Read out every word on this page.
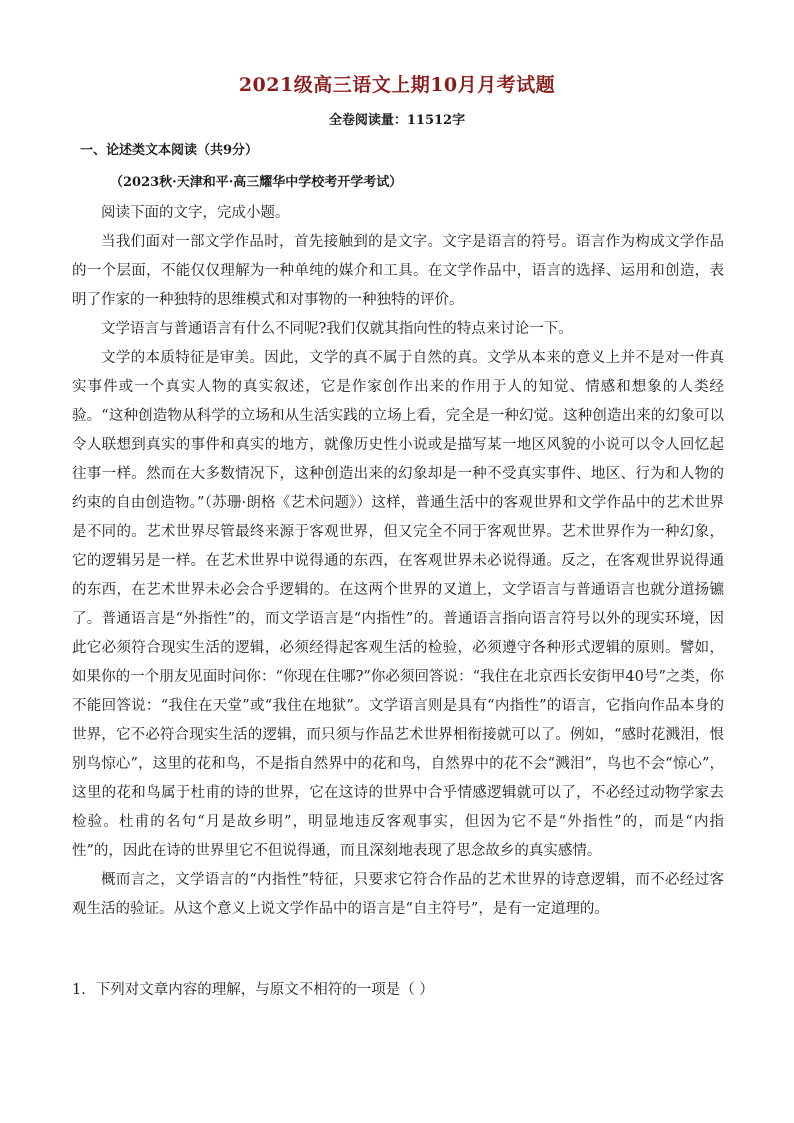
2021级高三语文上期10月月考试题
全卷阅读量：11512字
一、论述类文本阅读（共9分）
（2023秋·天津和平·高三耀华中学校考开学考试）

阅读下面的文字，完成小题。

当我们面对一部文学作品时，首先接触到的是文字。文字是语言的符号。语言作为构成文学作品的一个层面，不能仅仅理解为一种单纯的媒介和工具。在文学作品中，语言的选择、运用和创造，表明了作家的一种独特的思维模式和对事物的一种独特的评价。

文学语言与普通语言有什么不同呢?我们仅就其指向性的特点来讨论一下。

文学的本质特征是审美。因此，文学的真不属于自然的真。文学从本来的意义上并不是对一件真实事件或一个真实人物的真实叙述，它是作家创作出来的作用于人的知觉、情感和想象的人类经验。“这种创造物从科学的立场和从生活实践的立场上看，完全是一种幻觉。这种创造出来的幻象可以令人联想到真实的事件和真实的地方，就像历史性小说或是描写某一地区风貌的小说可以令人回忆起往事一样。然而在大多数情况下，这种创造出来的幻象却是一种不受真实事件、地区、行为和人物的约束的自由创造物。”（苏珊·朗格《艺术问题》）这样，普通生活中的客观世界和文学作品中的艺术世界是不同的。艺术世界尽管最终来源于客观世界，但又完全不同于客观世界。艺术世界作为一种幻象，它的逻辑另是一样。在艺术世界中说得通的东西，在客观世界未必说得通。反之，在客观世界说得通的东西，在艺术世界未必会合乎逻辑的。在这两个世界的叉道上，文学语言与普通语言也就分道扬镳了。普通语言是“外指性”的，而文学语言是“内指性”的。普通语言指向语言符号以外的现实环境，因此它必须符合现实生活的逻辑，必须经得起客观生活的检验，必须遵守各种形式逻辑的原则。譬如，如果你的一个朋友见面时问你：“你现在住哪?”你必须回答说：“我住在北京西长安街甲40号”之类，你不能回答说：“我住在天堂”或“我住在地狱”。文学语言则是具有“内指性”的语言，它指向作品本身的世界，它不必符合现实生活的逻辑，而只须与作品艺术世界相衔接就可以了。例如，“感时花溅泪，恨别鸟惊心”，这里的花和鸟，不是指自然界中的花和鸟，自然界中的花不会“溅泪”，鸟也不会“惊心”，这里的花和鸟属于杜甫的诗的世界，它在这诗的世界中合乎情感逻辑就可以了，不必经过动物学家去检验。杜甫的名句“月是故乡明”，明显地违反客观事实，但因为它不是“外指性”的，而是“内指性”的，因此在诗的世界里它不但说得通，而且深刻地表现了思念故乡的真实感情。

概而言之，文学语言的“内指性”特征，只要求它符合作品的艺术世界的诗意逻辑，而不必经过客观生活的验证。从这个意义上说文学作品中的语言是“自主符号”，是有一定道理的。

1．下列对文章内容的理解，与原文不相符的一项是（ ）
